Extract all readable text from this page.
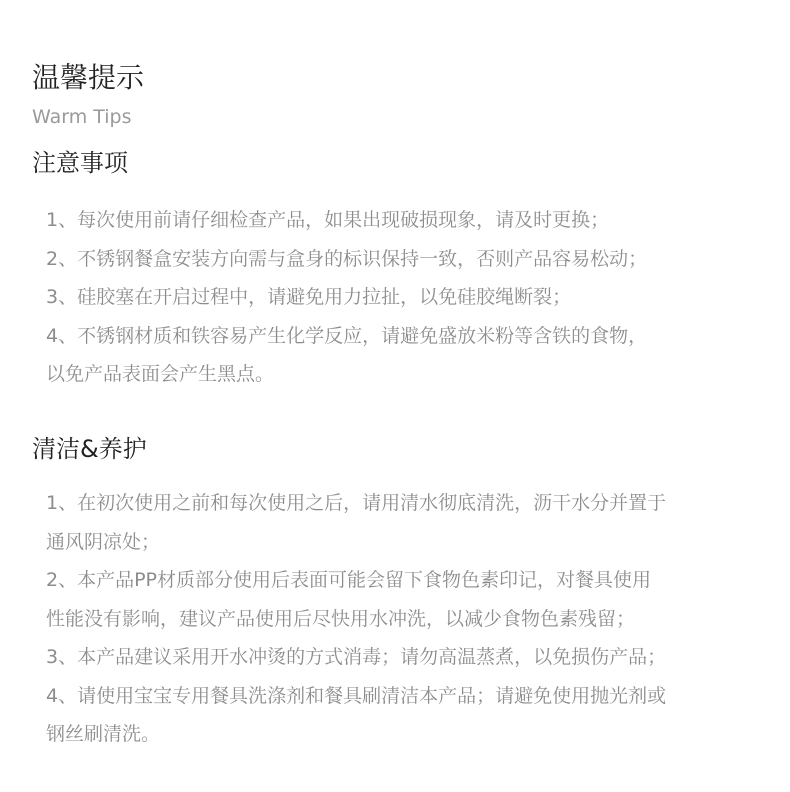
温馨提示
Warm Tips
注意事项
1、每次使用前请仔细检查产品，如果出现破损现象，请及时更换；
2、不锈钢餐盒安装方向需与盒身的标识保持一致，否则产品容易松动；
3、硅胶塞在开启过程中，请避免用力拉扯，以免硅胶绳断裂；
4、不锈钢材质和铁容易产生化学反应，请避免盛放米粉等含铁的食物，
以免产品表面会产生黑点。
清洁&养护
1、在初次使用之前和每次使用之后，请用清水彻底清洗，沥干水分并置于
通风阴凉处；
2、本产品PP材质部分使用后表面可能会留下食物色素印记，对餐具使用
性能没有影响，建议产品使用后尽快用水冲洗，以减少食物色素残留；
3、本产品建议采用开水冲烫的方式消毒；请勿高温蒸煮，以免损伤产品；
4、请使用宝宝专用餐具洗涤剂和餐具刷清洁本产品；请避免使用抛光剂或
钢丝刷清洗。
